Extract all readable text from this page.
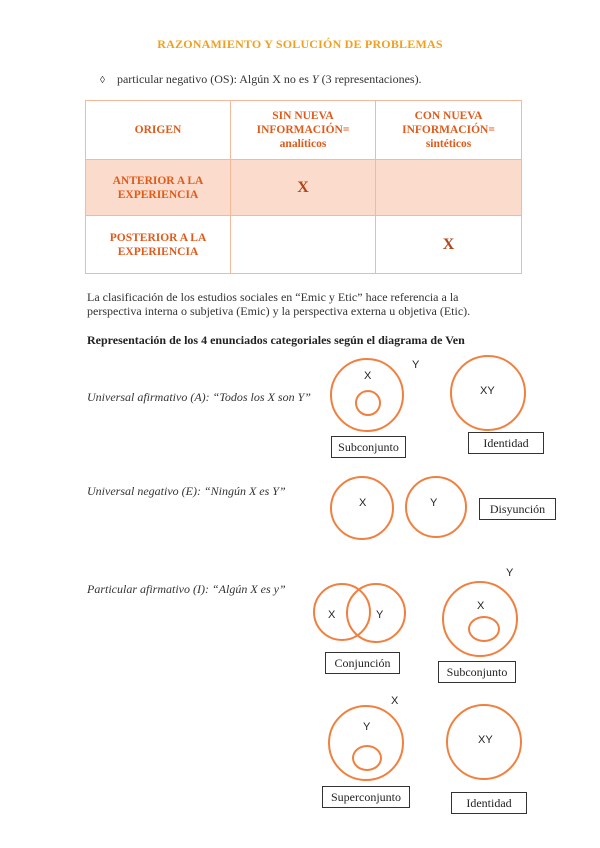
RAZONAMIENTO Y SOLUCIÓN DE PROBLEMAS
◊ particular negativo (OS): Algún X no es Y (3 representaciones).
ORIGEN	SIN NUEVA INFORMACIÓN= analíticos	CON NUEVA INFORMACIÓN= sintéticos
ANTERIOR A LA EXPERIENCIA	X	
POSTERIOR A LA EXPERIENCIA		X
La clasificación de los estudios sociales en “Emic y Etic” hace referencia a la perspectiva interna o subjetiva (Emic) y la perspectiva externa u objetiva (Etic).
Representación de los 4 enunciados categoriales según el diagrama de Ven
Universal afirmativo (A): “Todos los X son Y”
X
Y
Subconjunto
XY
Identidad
Universal negativo (E): “Ningún X es Y”
X	Y	Disyunción
Particular afirmativo (I): “Algún X es y”
X	Y
Conjunción
X
Y
Subconjunto
Y
X
Superconjunto
XY
Identidad
